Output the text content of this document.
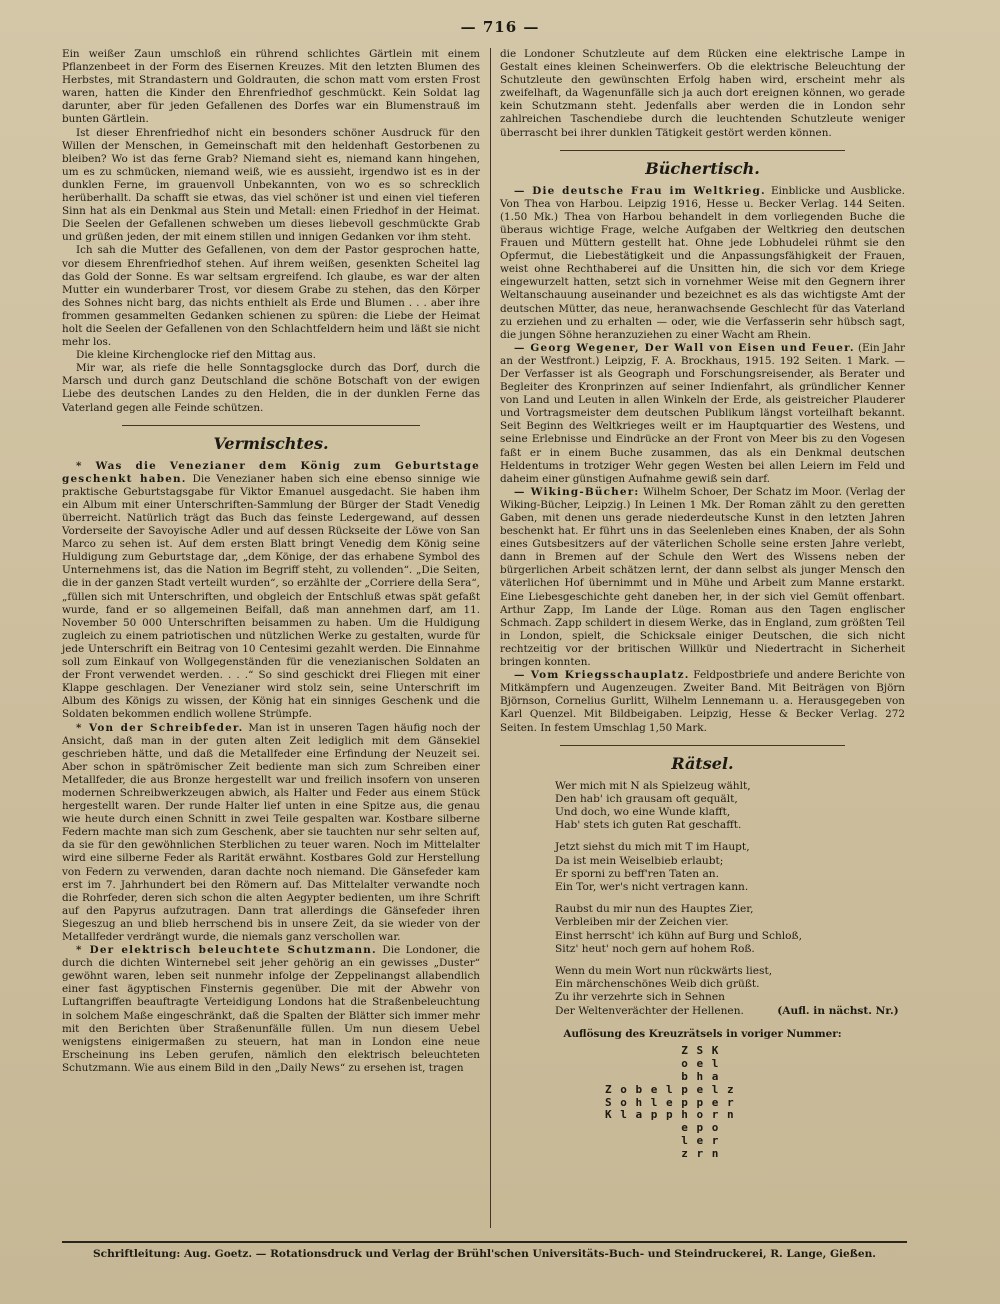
— 716 —

Ein weißer Zaun umschloß ein rührend schlichtes Gärtlein mit einem Pflanzenbeet in der Form des Eisernen Kreuzes. Mit den letzten Blumen des Herbstes, mit Strandastern und Goldrauten, die schon matt vom ersten Frost waren, hatten die Kinder den Ehrenfriedhof geschmückt. Kein Soldat lag darunter, aber für jeden Gefallenen des Dorfes war ein Blumenstrauß im bunten Gärtlein.

Ist dieser Ehrenfriedhof nicht ein besonders schöner Ausdruck für den Willen der Menschen, in Gemeinschaft mit den heldenhaft Gestorbenen zu bleiben? Wo ist das ferne Grab? Niemand sieht es, niemand kann hingehen, um es zu schmücken, niemand weiß, wie es aussieht, irgendwo ist es in der dunklen Ferne, im grauenvoll Unbekannten, von wo es so schrecklich herüberhallt. Da schafft sie etwas, das viel schöner ist und einen viel tieferen Sinn hat als ein Denkmal aus Stein und Metall: einen Friedhof in der Heimat. Die Seelen der Gefallenen schweben um dieses liebevoll geschmückte Grab und grüßen jeden, der mit einem stillen und innigen Gedanken vor ihm steht.

Ich sah die Mutter des Gefallenen, von dem der Pastor gesprochen hatte, vor diesem Ehrenfriedhof stehen. Auf ihrem weißen, gesenkten Scheitel lag das Gold der Sonne. Es war seltsam ergreifend. Ich glaube, es war der alten Mutter ein wunderbarer Trost, vor diesem Grabe zu stehen, das den Körper des Sohnes nicht barg, das nichts enthielt als Erde und Blumen . . . aber ihre frommen gesammelten Gedanken schienen zu spüren: die Liebe der Heimat holt die Seelen der Gefallenen von den Schlachtfeldern heim und läßt sie nicht mehr los.

Die kleine Kirchenglocke rief den Mittag aus.

Mir war, als riefe die helle Sonntagsglocke durch das Dorf, durch die Marsch und durch ganz Deutschland die schöne Botschaft von der ewigen Liebe des deutschen Landes zu den Helden, die in der dunklen Ferne das Vaterland gegen alle Feinde schützen.

Vermischtes.

* Was die Venezianer dem König zum Geburtstage geschenkt haben. Die Venezianer haben sich eine ebenso sinnige wie praktische Geburtstagsgabe für Viktor Emanuel ausgedacht. Sie haben ihm ein Album mit einer Unterschriften-Sammlung der Bürger der Stadt Venedig überreicht. Natürlich trägt das Buch das feinste Ledergewand, auf dessen Vorderseite der Savoyische Adler und auf dessen Rückseite der Löwe von San Marco zu sehen ist. Auf dem ersten Blatt bringt Venedig dem König seine Huldigung zum Geburtstage dar, „dem Könige, der das erhabene Symbol des Unternehmens ist, das die Nation im Begriff steht, zu vollenden“. „Die Seiten, die in der ganzen Stadt verteilt wurden“, so erzählte der „Corriere della Sera“, „füllen sich mit Unterschriften, und obgleich der Entschluß etwas spät gefaßt wurde, fand er so allgemeinen Beifall, daß man annehmen darf, am 11. November 50 000 Unterschriften beisammen zu haben. Um die Huldigung zugleich zu einem patriotischen und nützlichen Werke zu gestalten, wurde für jede Unterschrift ein Beitrag von 10 Centesimi gezahlt werden. Die Einnahme soll zum Einkauf von Wollgegenständen für die venezianischen Soldaten an der Front verwendet werden. . . .“ So sind geschickt drei Fliegen mit einer Klappe geschlagen. Der Venezianer wird stolz sein, seine Unterschrift im Album des Königs zu wissen, der König hat ein sinniges Geschenk und die Soldaten bekommen endlich wollene Strümpfe.

* Von der Schreibfeder. Man ist in unseren Tagen häufig noch der Ansicht, daß man in der guten alten Zeit lediglich mit dem Gänsekiel geschrieben hätte, und daß die Metallfeder eine Erfindung der Neuzeit sei. Aber schon in spätrömischer Zeit bediente man sich zum Schreiben einer Metallfeder, die aus Bronze hergestellt war und freilich insofern von unseren modernen Schreibwerkzeugen abwich, als Halter und Feder aus einem Stück hergestellt waren. Der runde Halter lief unten in eine Spitze aus, die genau wie heute durch einen Schnitt in zwei Teile gespalten war. Kostbare silberne Federn machte man sich zum Geschenk, aber sie tauchten nur sehr selten auf, da sie für den gewöhnlichen Sterblichen zu teuer waren. Noch im Mittelalter wird eine silberne Feder als Rarität erwähnt. Kostbares Gold zur Herstellung von Federn zu verwenden, daran dachte noch niemand. Die Gänsefeder kam erst im 7. Jahrhundert bei den Römern auf. Das Mittelalter verwandte noch die Rohrfeder, deren sich schon die alten Aegypter bedienten, um ihre Schrift auf den Papyrus aufzutragen. Dann trat allerdings die Gänsefeder ihren Siegeszug an und blieb herrschend bis in unsere Zeit, da sie wieder von der Metallfeder verdrängt wurde, die niemals ganz verschollen war.

* Der elektrisch beleuchtete Schutzmann. Die Londoner, die durch die dichten Winternebel seit jeher gehörig an ein gewisses „Duster“ gewöhnt waren, leben seit nunmehr infolge der Zeppelinangst allabendlich einer fast ägyptischen Finsternis gegenüber. Die mit der Abwehr von Luftangriffen beauftragte Verteidigung Londons hat die Straßenbeleuchtung in solchem Maße eingeschränkt, daß die Spalten der Blätter sich immer mehr mit den Berichten über Straßenunfälle füllen. Um nun diesem Uebel wenigstens einigermaßen zu steuern, hat man in London eine neue Erscheinung ins Leben gerufen, nämlich den elektrisch beleuchteten Schutzmann. Wie aus einem Bild in den „Daily News“ zu ersehen ist, tragen

die Londoner Schutzleute auf dem Rücken eine elektrische Lampe in Gestalt eines kleinen Scheinwerfers. Ob die elektrische Beleuchtung der Schutzleute den gewünschten Erfolg haben wird, erscheint mehr als zweifelhaft, da Wagenunfälle sich ja auch dort ereignen können, wo gerade kein Schutzmann steht. Jedenfalls aber werden die in London sehr zahlreichen Taschendiebe durch die leuchtenden Schutzleute weniger überrascht bei ihrer dunklen Tätigkeit gestört werden können.

Büchertisch.

— Die deutsche Frau im Weltkrieg. Einblicke und Ausblicke. Von Thea von Harbou. Leipzig 1916, Hesse u. Becker Verlag. 144 Seiten. (1.50 Mk.) Thea von Harbou behandelt in dem vorliegenden Buche die überaus wichtige Frage, welche Aufgaben der Weltkrieg den deutschen Frauen und Müttern gestellt hat. Ohne jede Lobhudelei rühmt sie den Opfermut, die Liebestätigkeit und die Anpassungsfähigkeit der Frauen, weist ohne Rechthaberei auf die Unsitten hin, die sich vor dem Kriege eingewurzelt hatten, setzt sich in vornehmer Weise mit den Gegnern ihrer Weltanschauung auseinander und bezeichnet es als das wichtigste Amt der deutschen Mütter, das neue, heranwachsende Geschlecht für das Vaterland zu erziehen und zu erhalten — oder, wie die Verfasserin sehr hübsch sagt, die jungen Söhne heranzuziehen zu einer Wacht am Rhein.

— Georg Wegener, Der Wall von Eisen und Feuer. (Ein Jahr an der Westfront.) Leipzig, F. A. Brockhaus, 1915. 192 Seiten. 1 Mark. — Der Verfasser ist als Geograph und Forschungsreisender, als Berater und Begleiter des Kronprinzen auf seiner Indienfahrt, als gründlicher Kenner von Land und Leuten in allen Winkeln der Erde, als geistreicher Plauderer und Vortragsmeister dem deutschen Publikum längst vorteilhaft bekannt. Seit Beginn des Weltkrieges weilt er im Hauptquartier des Westens, und seine Erlebnisse und Eindrücke an der Front von Meer bis zu den Vogesen faßt er in einem Buche zusammen, das als ein Denkmal deutschen Heldentums in trotziger Wehr gegen Westen bei allen Leiern im Feld und daheim einer günstigen Aufnahme gewiß sein darf.

— Wiking-Bücher: Wilhelm Schoer, Der Schatz im Moor. (Verlag der Wiking-Bücher, Leipzig.) In Leinen 1 Mk. Der Roman zählt zu den geretten Gaben, mit denen uns gerade niederdeutsche Kunst in den letzten Jahren beschenkt hat. Er führt uns in das Seelenleben eines Knaben, der als Sohn eines Gutsbesitzers auf der väterlichen Scholle seine ersten Jahre verlebt, dann in Bremen auf der Schule den Wert des Wissens neben der bürgerlichen Arbeit schätzen lernt, der dann selbst als junger Mensch den väterlichen Hof übernimmt und in Mühe und Arbeit zum Manne erstarkt. Eine Liebesgeschichte geht daneben her, in der sich viel Gemüt offenbart. Arthur Zapp, Im Lande der Lüge. Roman aus den Tagen englischer Schmach. Zapp schildert in diesem Werke, das in England, zum größten Teil in London, spielt, die Schicksale einiger Deutschen, die sich nicht rechtzeitig vor der britischen Willkür und Niedertracht in Sicherheit bringen konnten.

— Vom Kriegsschauplatz. Feldpostbriefe und andere Berichte von Mitkämpfern und Augenzeugen. Zweiter Band. Mit Beiträgen von Björn Björnson, Cornelius Gurlitt, Wilhelm Lennemann u. a. Herausgegeben von Karl Quenzel. Mit Bildbeigaben. Leipzig, Hesse & Becker Verlag. 272 Seiten. In festem Umschlag 1,50 Mark.

Rätsel.
Wer mich mit N als Spielzeug wählt,
Den hab' ich grausam oft gequält,
Und doch, wo eine Wunde klafft,
Hab' stets ich guten Rat geschafft.
Jetzt siehst du mich mit T im Haupt,
Da ist mein Weiselbieb erlaubt;
Er sporni zu beff'ren Taten an.
Ein Tor, wer's nicht vertragen kann.
Raubst du mir nun des Hauptes Zier,
Verbleiben mir der Zeichen vier.
Einst herrscht' ich kühn auf Burg und Schloß,
Sitz' heut' noch gern auf hohem Roß.
Wenn du mein Wort nun rückwärts liest,
Ein märchenschönes Weib dich grüßt.
Zu ihr verzehrte sich in Sehnen
Der Weltenverächter der Hellenen.	(Aufl. in nächst. Nr.)
Auflösung des Kreuzrätsels in voriger Nummer:
Z S K
o e l
b h a
Z o b e l p e l z
S o h l e p p e r
K l a p p h o r n
e p o
l e r
z r n
Schriftleitung: Aug. Goetz. — Rotationsdruck und Verlag der Brühl'schen Universitäts-Buch- und Steindruckerei, R. Lange, Gießen.
